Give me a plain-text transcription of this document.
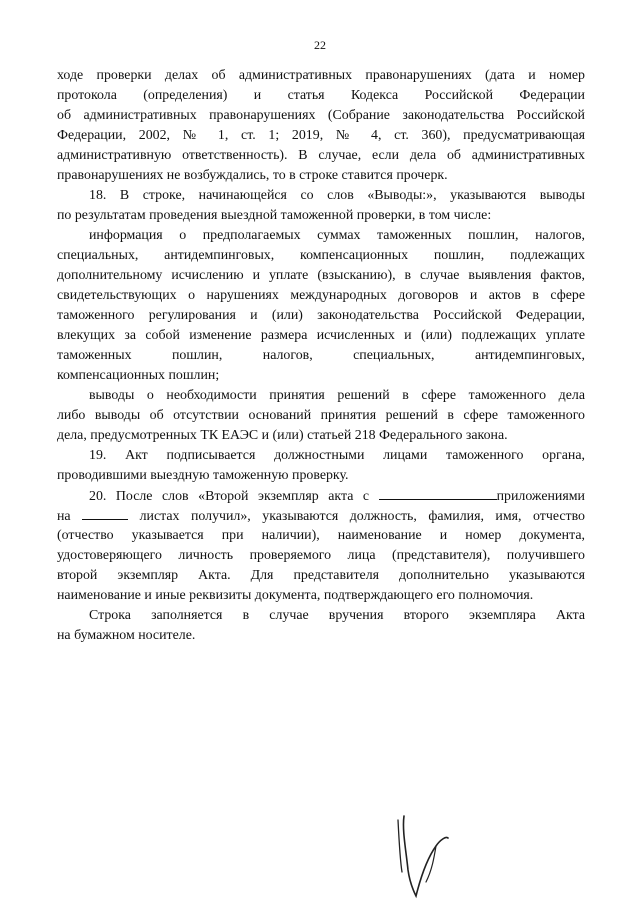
22
ходе проверки делах об административных правонарушениях (дата и номер
протокола (определения) и статья Кодекса Российской Федерации
об административных правонарушениях (Собрание законодательства Российской
Федерации, 2002, № 1, ст. 1; 2019, № 4, ст. 360), предусматривающая
административную ответственность). В случае, если дела об административных
правонарушениях не возбуждались, то в строке ставится прочерк.
18. В строке, начинающейся со слов «Выводы:», указываются выводы
по результатам проведения выездной таможенной проверки, в том числе:
информация о предполагаемых суммах таможенных пошлин, налогов,
специальных, антидемпинговых, компенсационных пошлин, подлежащих
дополнительному исчислению и уплате (взысканию), в случае выявления фактов,
свидетельствующих о нарушениях международных договоров и актов в сфере
таможенного регулирования и (или) законодательства Российской Федерации,
влекущих за собой изменение размера исчисленных и (или) подлежащих уплате
таможенных пошлин, налогов, специальных, антидемпинговых,
компенсационных пошлин;
выводы о необходимости принятия решений в сфере таможенного дела
либо выводы об отсутствии оснований принятия решений в сфере таможенного
дела, предусмотренных ТК ЕАЭС и (или) статьей 218 Федерального закона.
19. Акт подписывается должностными лицами таможенного органа,
проводившими выездную таможенную проверку.
20. После слов «Второй экземпляр акта с	приложениями
на	листах получил», указываются должность, фамилия, имя, отчество
(отчество указывается при наличии), наименование и номер документа,
удостоверяющего личность проверяемого лица (представителя), получившего
второй экземпляр Акта. Для представителя дополнительно указываются
наименование и иные реквизиты документа, подтверждающего его полномочия.
Строка заполняется в случае вручения второго экземпляра Акта
на бумажном носителе.
